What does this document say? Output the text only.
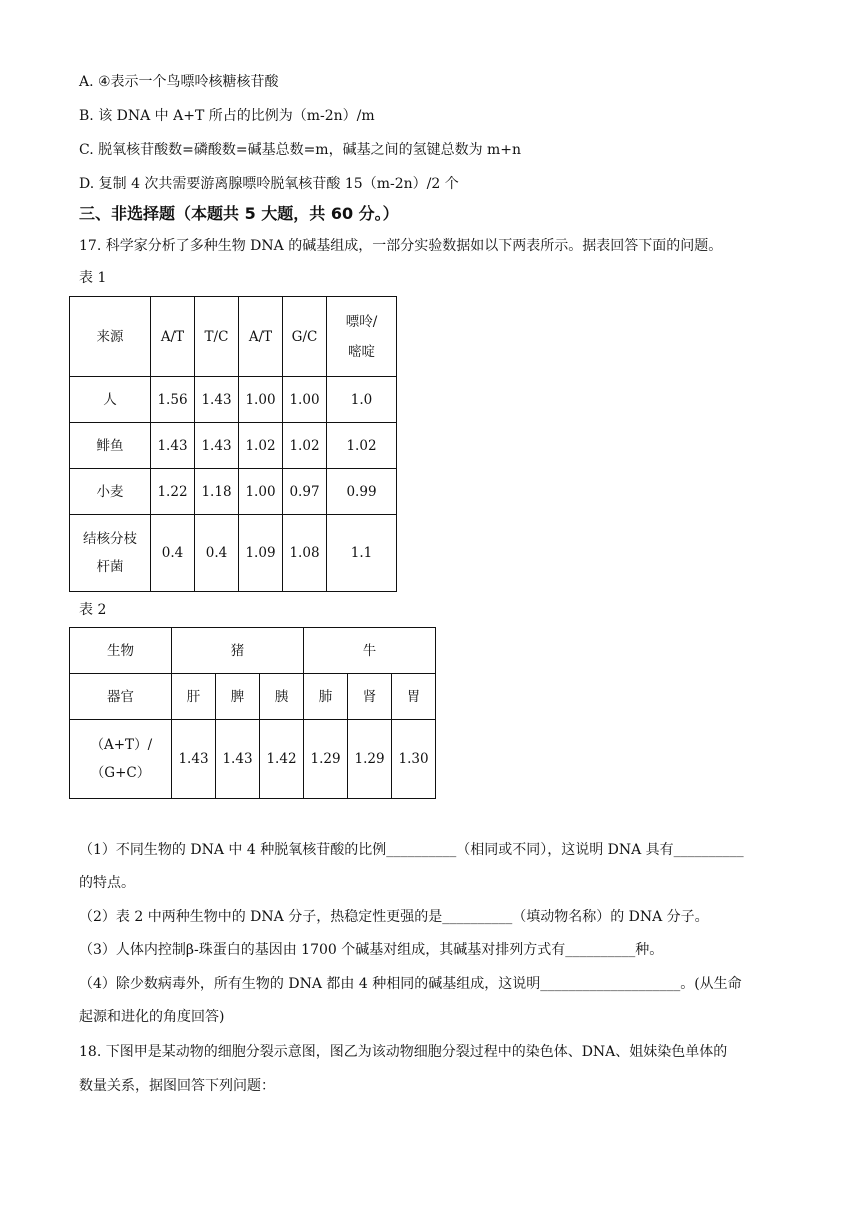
A. ④表示一个鸟嘌呤核糖核苷酸
B. 该 DNA 中 A+T 所占的比例为（m-2n）/m
C. 脱氧核苷酸数=磷酸数=碱基总数=m，碱基之间的氢键总数为 m+n
D. 复制 4 次共需要游离腺嘌呤脱氧核苷酸 15（m-2n）/2 个
三、非选择题（本题共 5 大题，共 60 分。）
17. 科学家分析了多种生物 DNA 的碱基组成，一部分实验数据如以下两表所示。据表回答下面的问题。
表 1
来源	A/T	T/C	A/T	G/C	嘌呤/嘧啶

人	1.56	1.43	1.00	1.00	1.0
鲱鱼	1.43	1.43	1.02	1.02	1.02
小麦	1.22	1.18	1.00	0.97	0.99

结核分枝杆菌	0.4	0.4	1.09	1.08	1.1
表 2
生物	猪			牛		
器官	肝	脾	胰	肺	肾	胃

（A+T）/（G+C）	1.43	1.43	1.42	1.29	1.29	1.30
（1）不同生物的 DNA 中 4 种脱氧核苷酸的比例__________（相同或不同），这说明 DNA 具有__________
的特点。
（2）表 2 中两种生物中的 DNA 分子，热稳定性更强的是__________（填动物名称）的 DNA 分子。
（3）人体内控制β-珠蛋白的基因由 1700 个碱基对组成，其碱基对排列方式有__________种。
（4）除少数病毒外，所有生物的 DNA 都由 4 种相同的碱基组成，这说明____________________。(从生命
起源和进化的角度回答)
18. 下图甲是某动物的细胞分裂示意图，图乙为该动物细胞分裂过程中的染色体、DNA、姐妹染色单体的
数量关系，据图回答下列问题：
